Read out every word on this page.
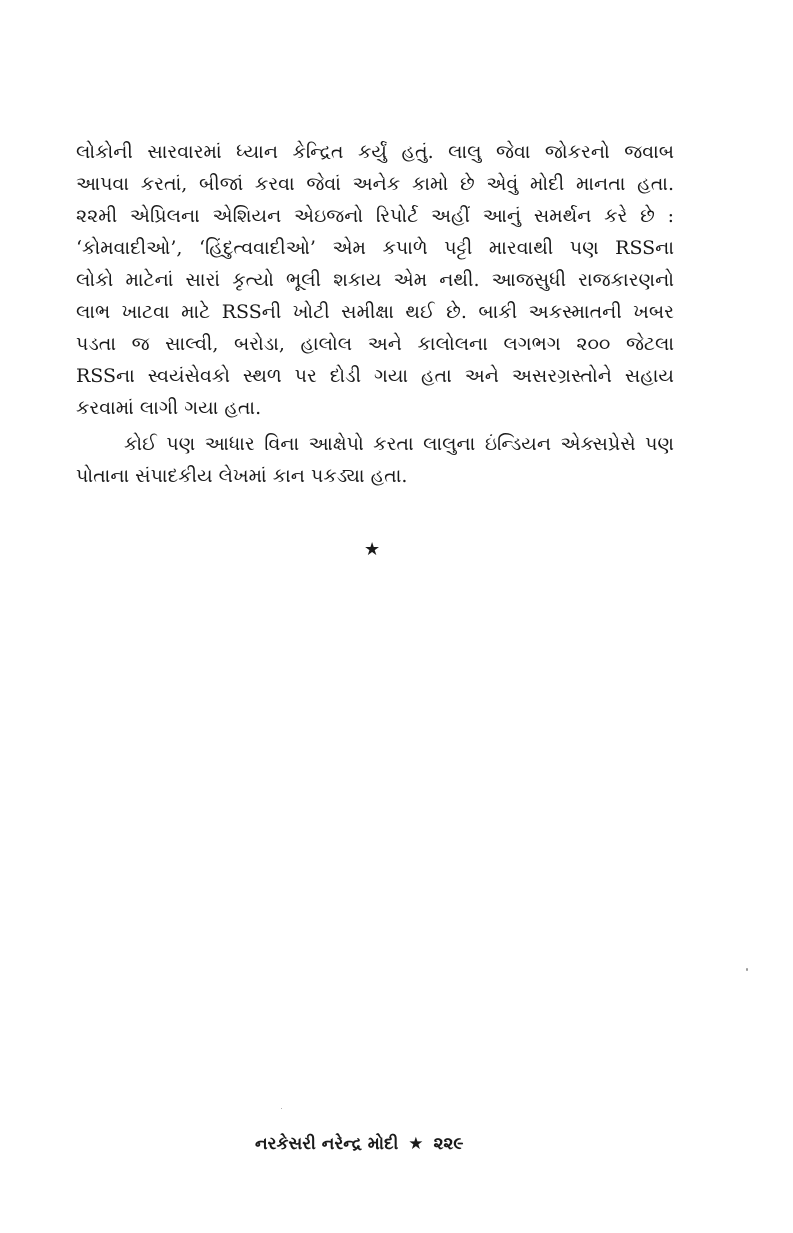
લોકોની સારવારમાં ધ્યાન કેન્દ્રિત કર્યું હતું. લાલુ જેવા જોકરનો જવાબ
આપવા કરતાં, બીજાં કરવા જેવાં અનેક કામો છે એવું મોદી માનતા હતા.
૨૨મી એપ્રિલના એશિયન એઇજનો રિપોર્ટ અહીં આનું સમર્થન કરે છે :
‘કોમવાદીઓ’, ‘હિંદુત્વવાદીઓ’ એમ કપાળે પટ્ટી મારવાથી પણ RSSના
લોકો માટેનાં સારાં કૃત્યો ભૂલી શકાય એમ નથી. આજસુધી રાજકારણનો
લાભ ખાટવા માટે RSSની ખોટી સમીક્ષા થઈ છે. બાકી અકસ્માતની ખબર
પડતા જ સાલ્વી, બરોડા, હાલોલ અને કાલોલના લગભગ ૨૦૦ જેટલા
RSSના સ્વયંસેવકો સ્થળ પર દોડી ગયા હતા અને અસરગ્રસ્તોને સહાય
કરવામાં લાગી ગયા હતા.
કોઈ પણ આધાર વિના આક્ષેપો કરતા લાલુના ઇંન્ડિયન એક્સપ્રેસે પણ
પોતાના સંપાદકીય લેખમાં કાન પકડ્યા હતા.
★
નરકેસરી નરેન્દ્ર મોદી ★ ૨૨૯
